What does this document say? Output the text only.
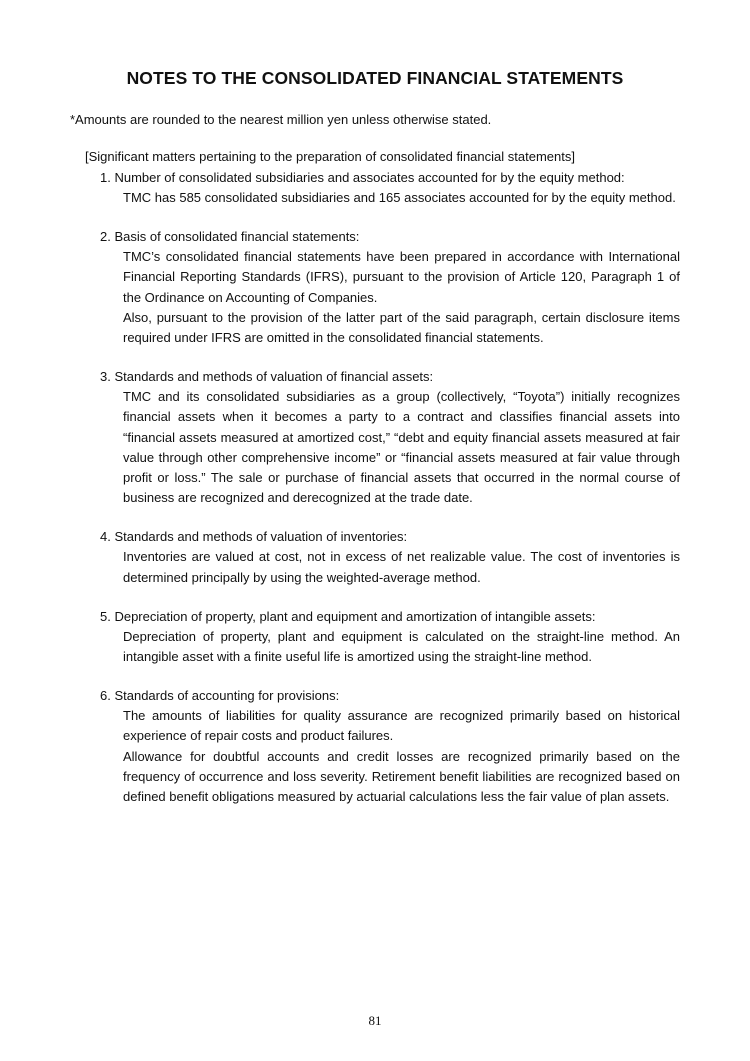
NOTES TO THE CONSOLIDATED FINANCIAL STATEMENTS
*Amounts are rounded to the nearest million yen unless otherwise stated.
[Significant matters pertaining to the preparation of consolidated financial statements]
1. Number of consolidated subsidiaries and associates accounted for by the equity method:

TMC has 585 consolidated subsidiaries and 165 associates accounted for by the equity method.

2. Basis of consolidated financial statements:

TMC’s consolidated financial statements have been prepared in accordance with International Financial Reporting Standards (IFRS), pursuant to the provision of Article 120, Paragraph 1 of the Ordinance on Accounting of Companies.

Also, pursuant to the provision of the latter part of the said paragraph, certain disclosure items required under IFRS are omitted in the consolidated financial statements.

3. Standards and methods of valuation of financial assets:

TMC and its consolidated subsidiaries as a group (collectively, “Toyota”) initially recognizes financial assets when it becomes a party to a contract and classifies financial assets into “financial assets measured at amortized cost,” “debt and equity financial assets measured at fair value through other comprehensive income” or “financial assets measured at fair value through profit or loss.” The sale or purchase of financial assets that occurred in the normal course of business are recognized and derecognized at the trade date.

4. Standards and methods of valuation of inventories:

Inventories are valued at cost, not in excess of net realizable value. The cost of inventories is determined principally by using the weighted-average method.

5. Depreciation of property, plant and equipment and amortization of intangible assets:

Depreciation of property, plant and equipment is calculated on the straight-line method. An intangible asset with a finite useful life is amortized using the straight-line method.

6. Standards of accounting for provisions:

The amounts of liabilities for quality assurance are recognized primarily based on historical experience of repair costs and product failures.

Allowance for doubtful accounts and credit losses are recognized primarily based on the frequency of occurrence and loss severity. Retirement benefit liabilities are recognized based on defined benefit obligations measured by actuarial calculations less the fair value of plan assets.

81
